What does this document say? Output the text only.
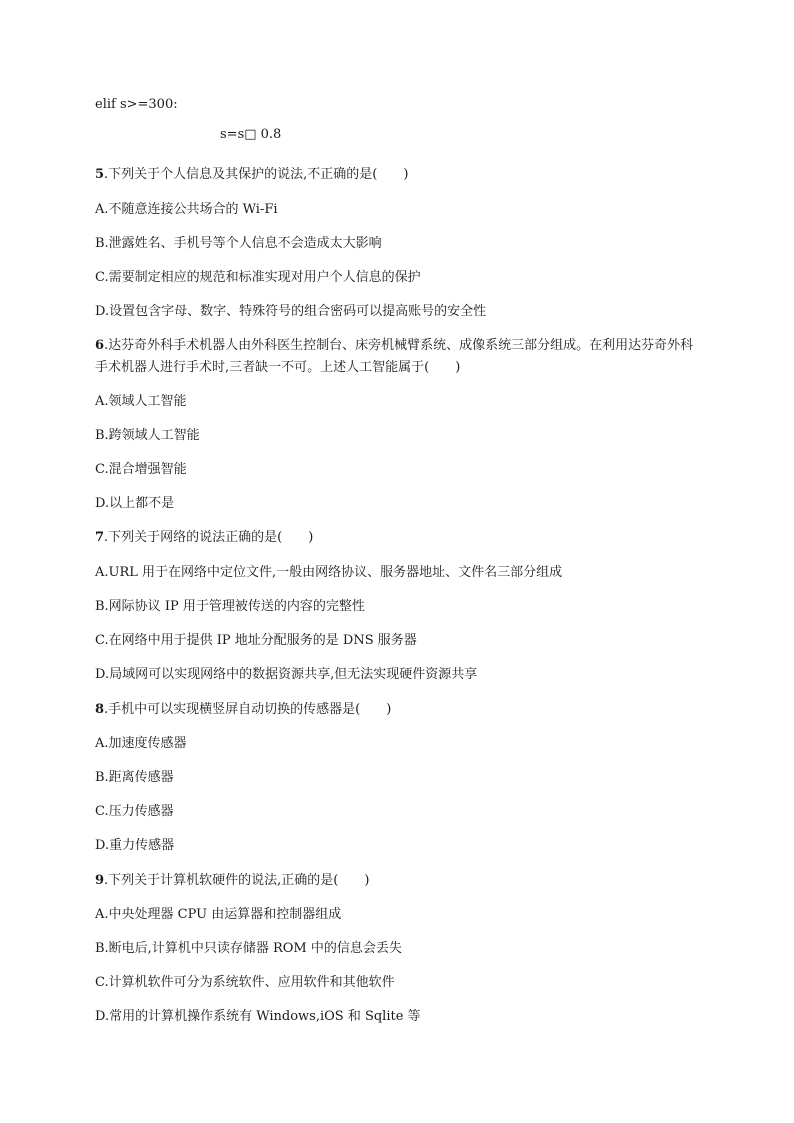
elif s>=300:
s=s□ 0.8
5.下列关于个人信息及其保护的说法,不正确的是(　　)
A.不随意连接公共场合的 Wi-Fi
B.泄露姓名、手机号等个人信息不会造成太大影响
C.需要制定相应的规范和标准实现对用户个人信息的保护
D.设置包含字母、数字、特殊符号的组合密码可以提高账号的安全性
6.达芬奇外科手术机器人由外科医生控制台、床旁机械臂系统、成像系统三部分组成。在利用达芬奇外科手术机器人进行手术时,三者缺一不可。上述人工智能属于(　　)
A.领域人工智能
B.跨领域人工智能
C.混合增强智能
D.以上都不是
7.下列关于网络的说法正确的是(　　)
A.URL 用于在网络中定位文件,一般由网络协议、服务器地址、文件名三部分组成
B.网际协议 IP 用于管理被传送的内容的完整性
C.在网络中用于提供 IP 地址分配服务的是 DNS 服务器
D.局域网可以实现网络中的数据资源共享,但无法实现硬件资源共享
8.手机中可以实现横竖屏自动切换的传感器是(　　)
A.加速度传感器
B.距离传感器
C.压力传感器
D.重力传感器
9.下列关于计算机软硬件的说法,正确的是(　　)
A.中央处理器 CPU 由运算器和控制器组成
B.断电后,计算机中只读存储器 ROM 中的信息会丢失
C.计算机软件可分为系统软件、应用软件和其他软件
D.常用的计算机操作系统有 Windows,iOS 和 Sqlite 等
